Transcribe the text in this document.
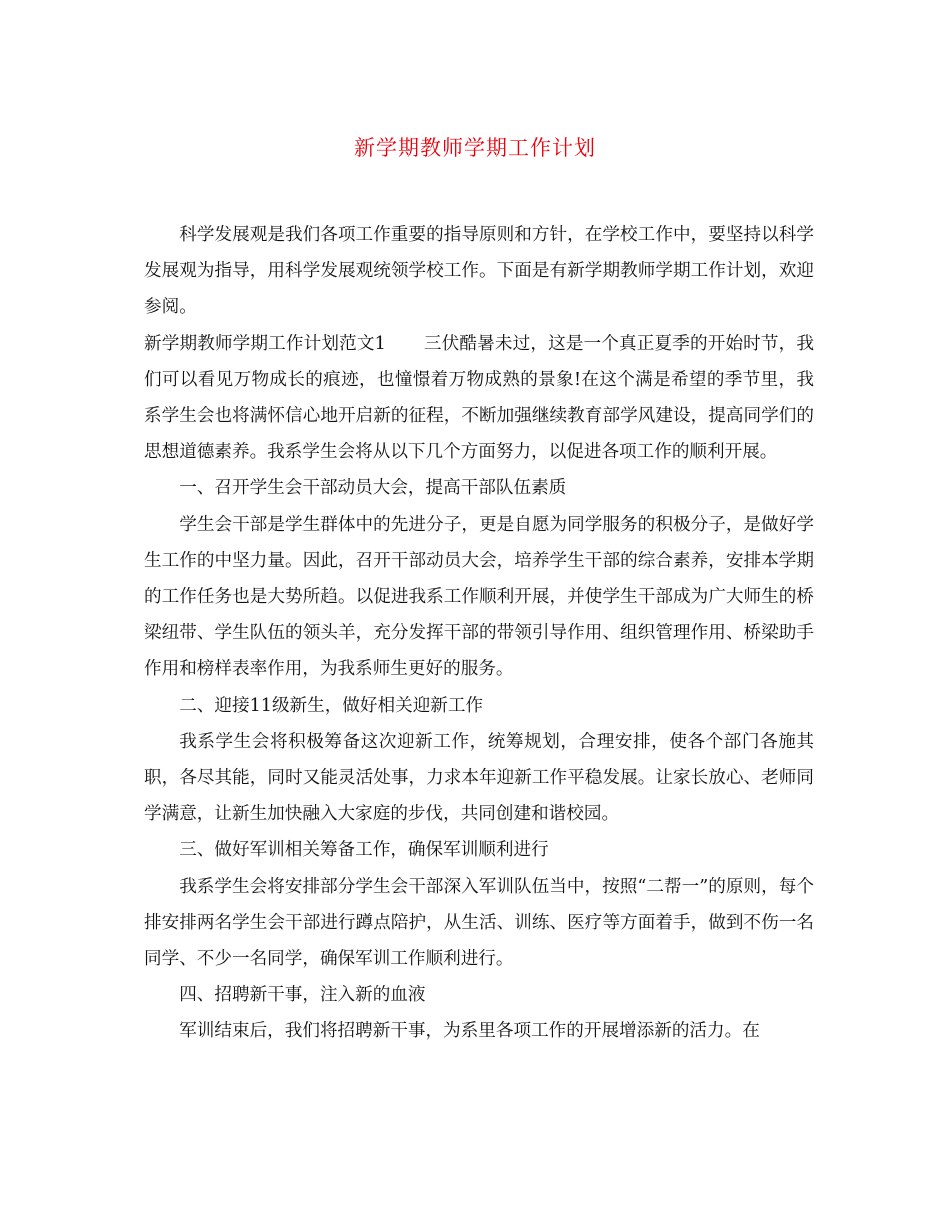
新学期教师学期工作计划

科学发展观是我们各项工作重要的指导原则和方针，在学校工作中，要坚持以科学发展观为指导，用科学发展观统领学校工作。下面是有新学期教师学期工作计划，欢迎参阅。

新学期教师学期工作计划范文1 三伏酷暑未过，这是一个真正夏季的开始时节，我们可以看见万物成长的痕迹，也憧憬着万物成熟的景象!在这个满是希望的季节里，我系学生会也将满怀信心地开启新的征程，不断加强继续教育部学风建设，提高同学们的思想道德素养。我系学生会将从以下几个方面努力，以促进各项工作的顺利开展。

一、召开学生会干部动员大会，提高干部队伍素质

学生会干部是学生群体中的先进分子，更是自愿为同学服务的积极分子，是做好学生工作的中坚力量。因此，召开干部动员大会，培养学生干部的综合素养，安排本学期的工作任务也是大势所趋。以促进我系工作顺利开展，并使学生干部成为广大师生的桥梁纽带、学生队伍的领头羊，充分发挥干部的带领引导作用、组织管理作用、桥梁助手作用和榜样表率作用，为我系师生更好的服务。

二、迎接11级新生，做好相关迎新工作

我系学生会将积极筹备这次迎新工作，统筹规划，合理安排，使各个部门各施其职，各尽其能，同时又能灵活处事，力求本年迎新工作平稳发展。让家长放心、老师同学满意，让新生加快融入大家庭的步伐，共同创建和谐校园。

三、做好军训相关筹备工作，确保军训顺利进行

我系学生会将安排部分学生会干部深入军训队伍当中，按照“二帮一”的原则，每个排安排两名学生会干部进行蹲点陪护，从生活、训练、医疗等方面着手，做到不伤一名同学、不少一名同学，确保军训工作顺利进行。

四、招聘新干事，注入新的血液

军训结束后，我们将招聘新干事，为系里各项工作的开展增添新的活力。在
